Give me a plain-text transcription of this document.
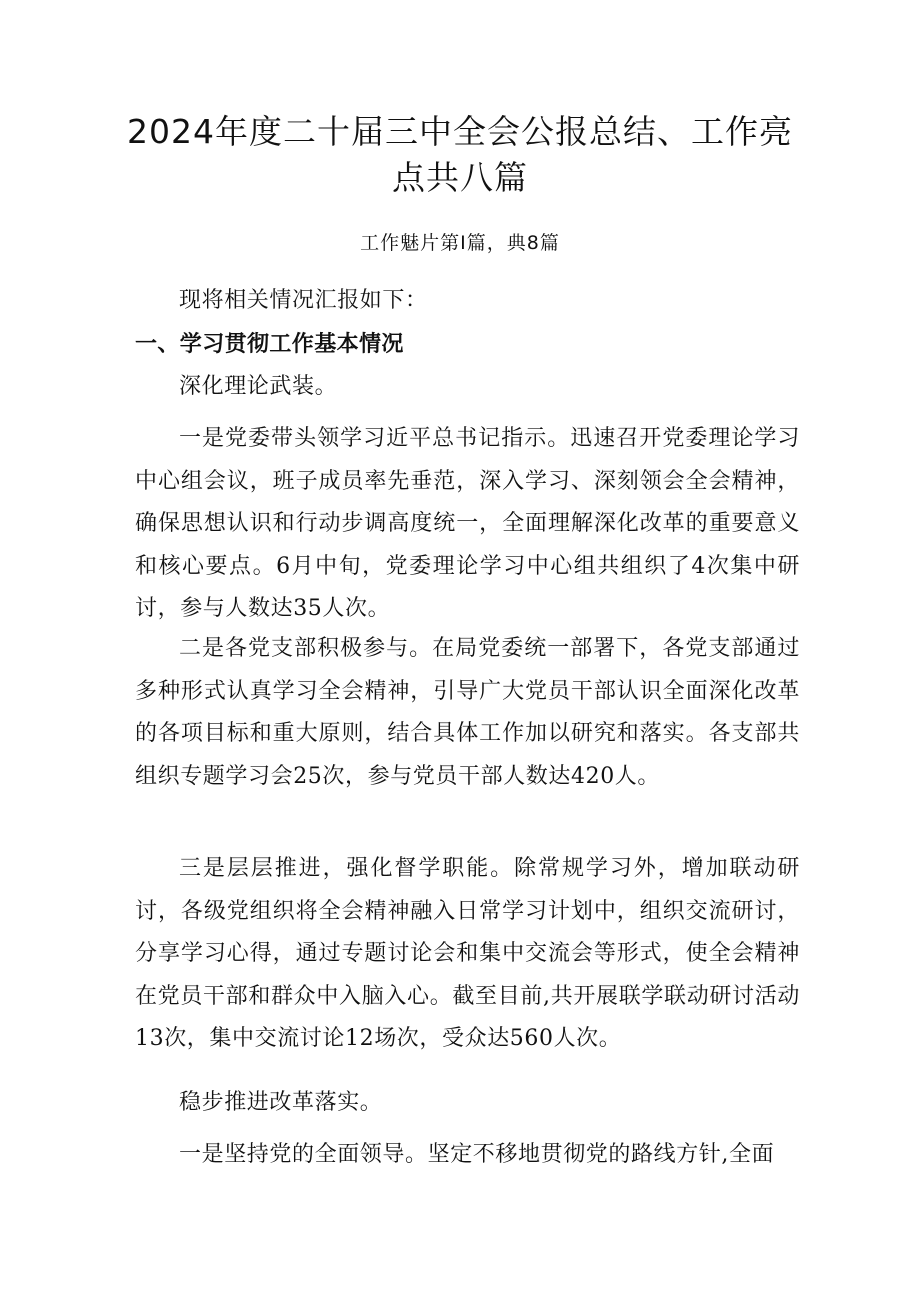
2024年度二十届三中全会公报总结、工作亮
点共八篇
工作魅片第Ⅰ篇，典8篇

现将相关情况汇报如下：

一、学习贯彻工作基本情况

深化理论武装。

一是党委带头领学习近平总书记指示。迅速召开党委理论学习中心组会议，班子成员率先垂范，深入学习、深刻领会全会精神，确保思想认识和行动步调高度统一，全面理解深化改革的重要意义和核心要点。6月中旬，党委理论学习中心组共组织了4次集中研讨，参与人数达35人次。

二是各党支部积极参与。在局党委统一部署下，各党支部通过多种形式认真学习全会精神，引导广大党员干部认识全面深化改革的各项目标和重大原则，结合具体工作加以研究和落实。各支部共组织专题学习会25次，参与党员干部人数达420人。

三是层层推进，强化督学职能。除常规学习外，增加联动研讨，各级党组织将全会精神融入日常学习计划中，组织交流研讨，分享学习心得，通过专题讨论会和集中交流会等形式，使全会精神在党员干部和群众中入脑入心。截至目前,共开展联学联动研讨活动13次，集中交流讨论12场次，受众达560人次。

稳步推进改革落实。

一是坚持党的全面领导。坚定不移地贯彻党的路线方针,全面
